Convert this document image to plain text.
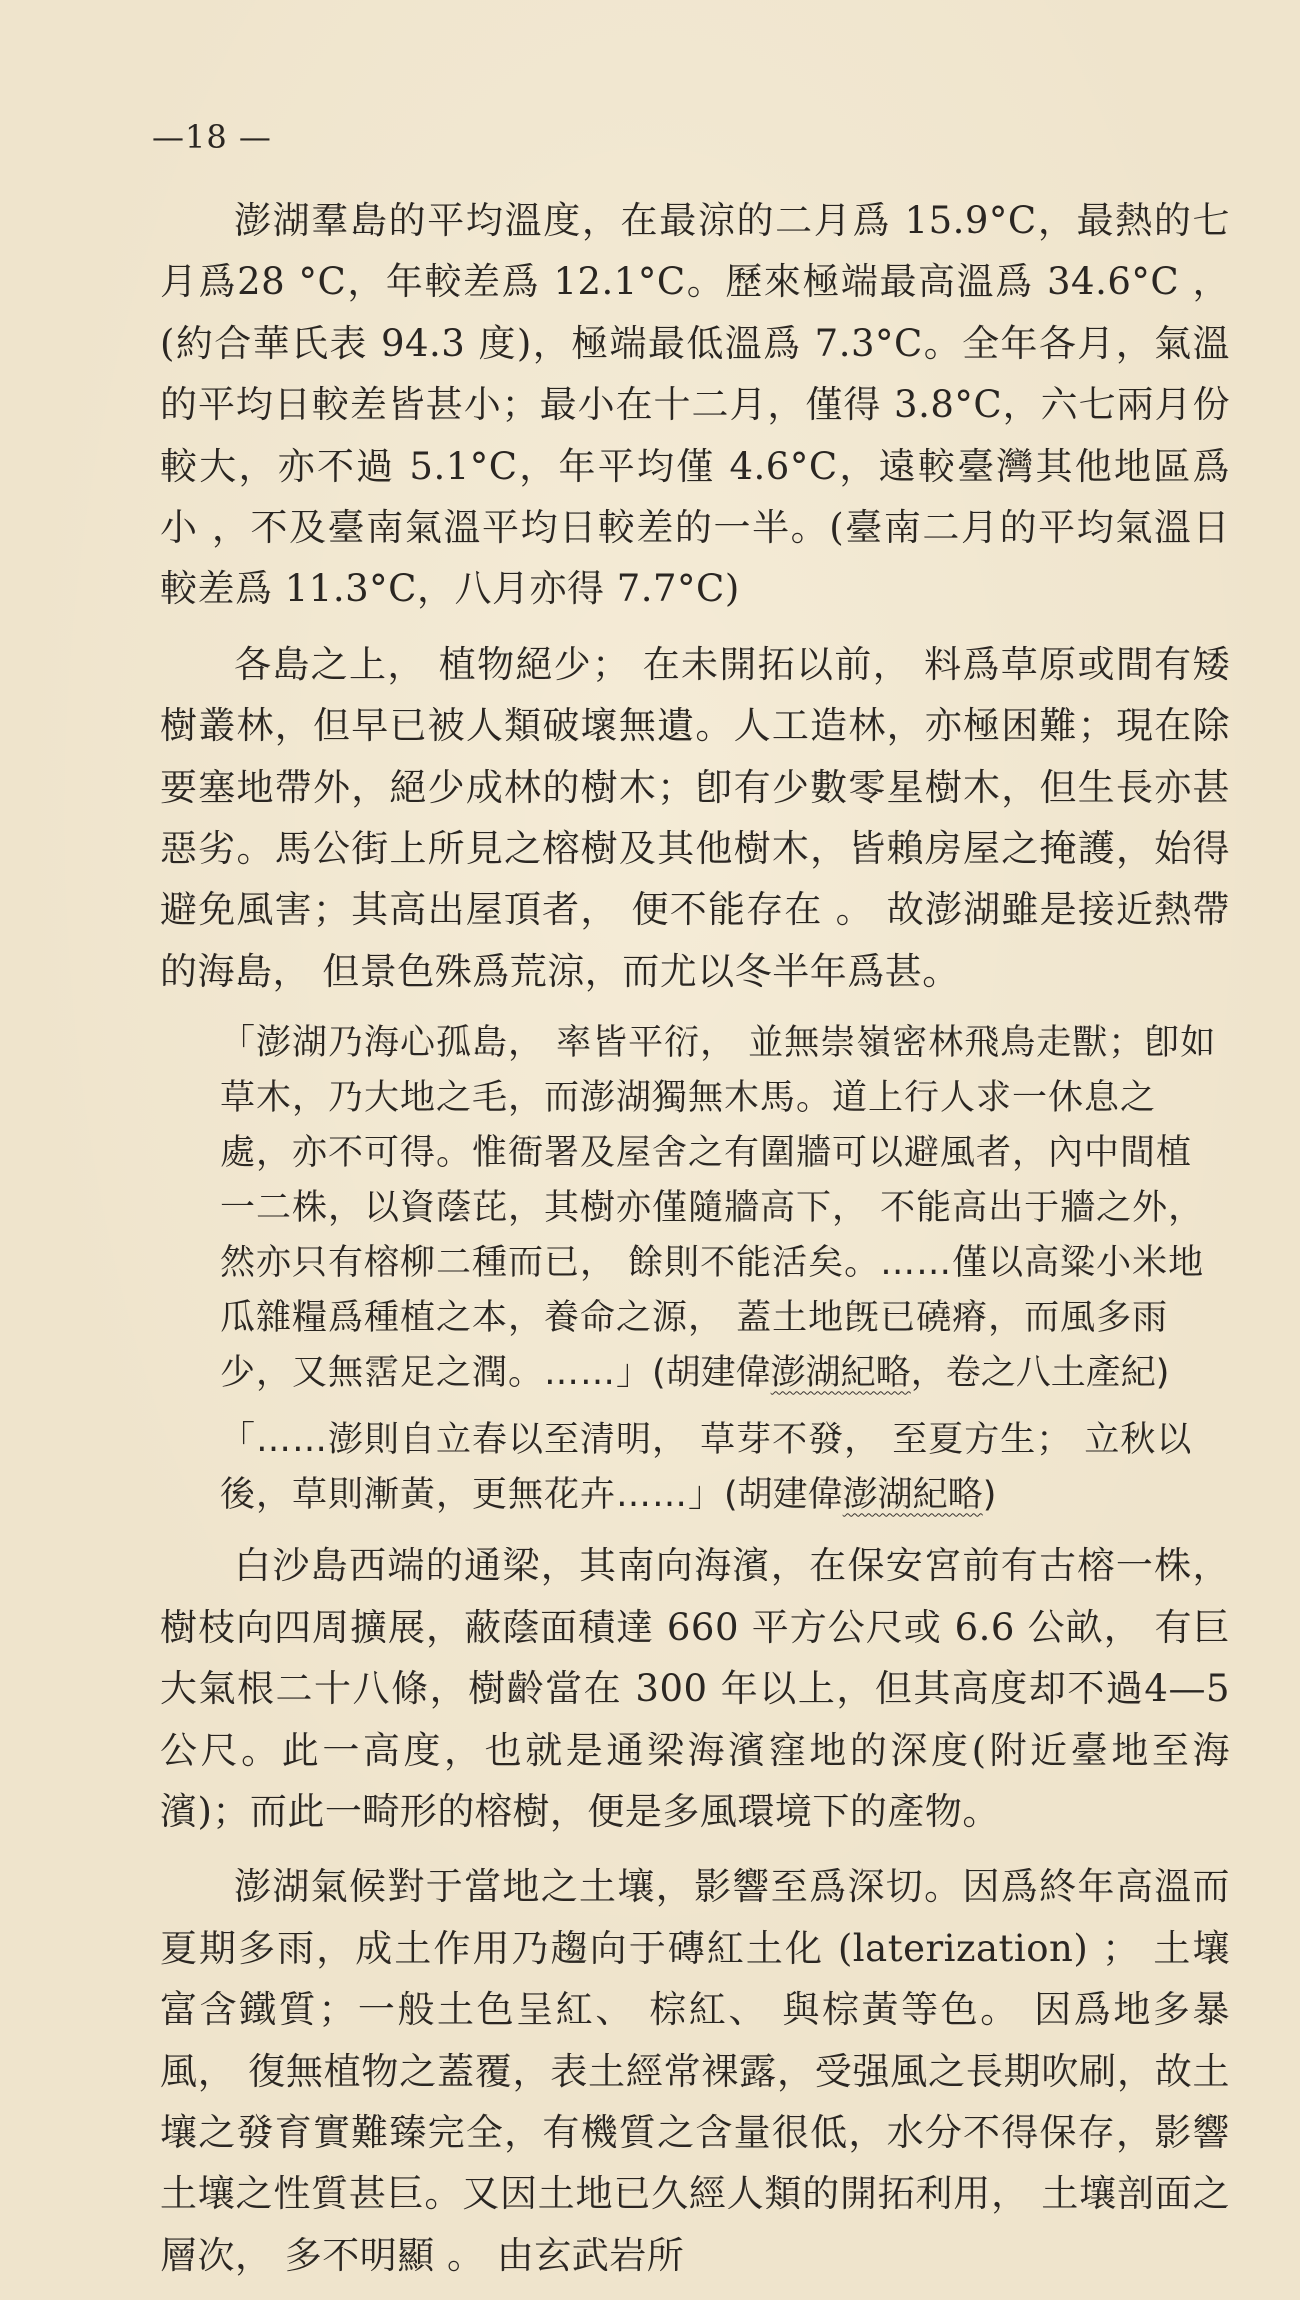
—18 —

澎湖羣島的平均溫度，在最涼的二月爲 15.9°C，最熱的七月爲28 °C，年較差爲 12.1°C。歷來極端最高溫爲 34.6°C ，(約合華氏表 94.3 度)，極端最低溫爲 7.3°C。全年各月，氣溫的平均日較差皆甚小；最小在十二月，僅得 3.8°C，六七兩月份較大，亦不過 5.1°C，年平均僅 4.6°C，遠較臺灣其他地區爲 小 ，不及臺南氣溫平均日較差的一半。(臺南二月的平均氣溫日較差爲 11.3°C，八月亦得 7.7°C)

各島之上， 植物絕少； 在未開拓以前， 料爲草原或間有矮樹叢林，但早已被人類破壞無遺。人工造林，亦極困難；現在除要塞地帶外，絕少成林的樹木；卽有少數零星樹木，但生長亦甚惡劣。馬公街上所見之榕樹及其他樹木，皆賴房屋之掩護，始得避免風害；其高出屋頂者， 便不能存在 。 故澎湖雖是接近熱帶的海島， 但景色殊爲荒涼，而尤以冬半年爲甚。

「澎湖乃海心孤島， 率皆平衍， 並無崇嶺密林飛鳥走獸；卽如草木，乃大地之毛，而澎湖獨無木馬。道上行人求一休息之處，亦不可得。惟衙署及屋舍之有圍牆可以避風者，內中間植一二株，以資蔭芘，其樹亦僅隨牆高下， 不能高出于牆之外，然亦只有榕柳二種而已， 餘則不能活矣。……僅以高粱小米地瓜雜糧爲種植之本，養命之源， 蓋土地旣已磽瘠，而風多雨少，又無霑足之潤。……」(胡建偉澎湖紀略，卷之八土產紀)
「……澎則自立春以至清明， 草芽不發， 至夏方生； 立秋以後，草則漸黃，更無花卉……」(胡建偉澎湖紀略)

白沙島西端的通梁，其南向海濱，在保安宮前有古榕一株，樹枝向四周擴展，蔽蔭面積達 660 平方公尺或 6.6 公畝， 有巨大氣根二十八條，樹齡當在 300 年以上，但其高度却不過4—5公尺。此一高度，也就是通梁海濱窪地的深度(附近臺地至海濱)；而此一畸形的榕樹，便是多風環境下的產物。

澎湖氣候對于當地之土壤，影響至爲深切。因爲終年高溫而夏期多雨，成土作用乃趨向于磚紅土化 (laterization) ； 土壤富含鐵質；一般土色呈紅、 棕紅、 與棕黃等色。 因爲地多暴風， 復無植物之蓋覆，表土經常裸露，受强風之長期吹刷，故土壤之發育實難臻完全，有機質之含量很低，水分不得保存，影響土壤之性質甚巨。又因土地已久經人類的開拓利用， 土壤剖面之層次， 多不明顯 。 由玄武岩所
